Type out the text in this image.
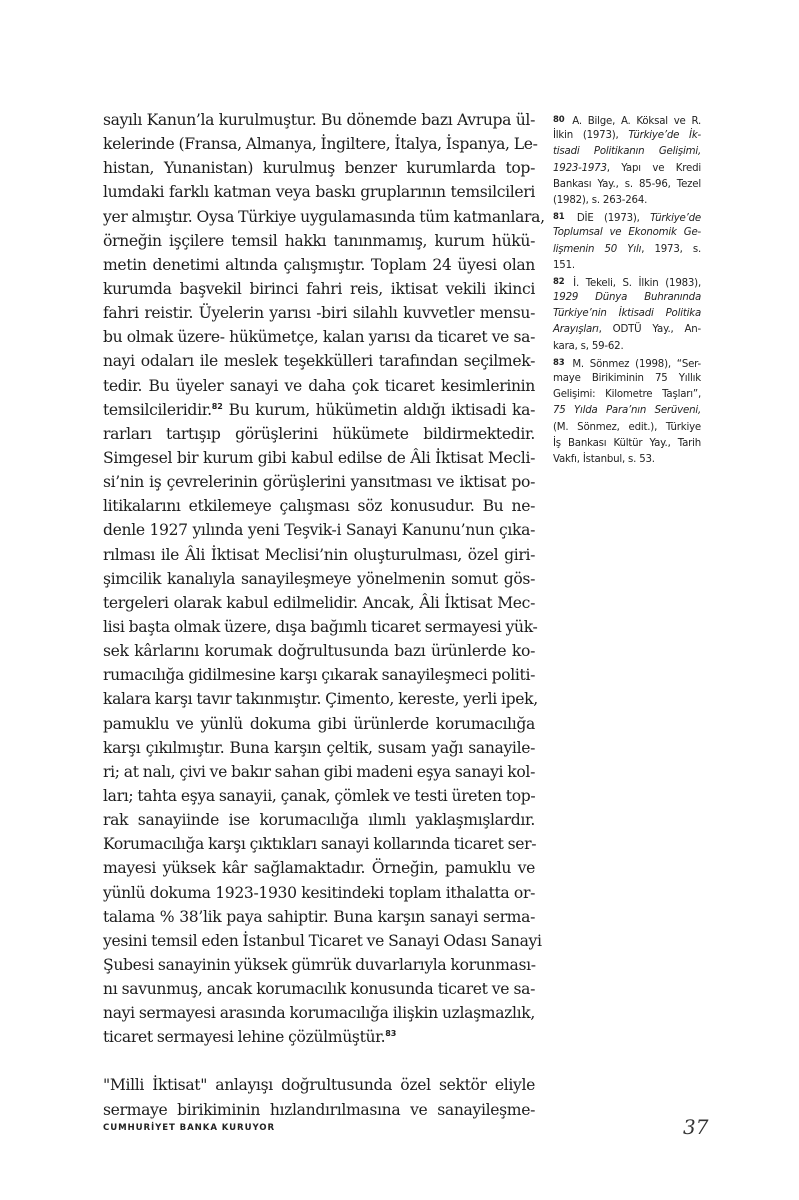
sayılı Kanun’la kurulmuştur. Bu dönemde bazı Avrupa ül-
kelerinde (Fransa, Almanya, İngiltere, İtalya, İspanya, Le-
histan, Yunanistan) kurulmuş benzer kurumlarda top-
lumdaki farklı katman veya baskı gruplarının temsilcileri
yer almıştır. Oysa Türkiye uygulamasında tüm katmanlara,
örneğin işçilere temsil hakkı tanınmamış, kurum hükü-
metin denetimi altında çalışmıştır. Toplam 24 üyesi olan
kurumda başvekil birinci fahri reis, iktisat vekili ikinci
fahri reistir. Üyelerin yarısı -biri silahlı kuvvetler mensu-
bu olmak üzere- hükümetçe, kalan yarısı da ticaret ve sa-
nayi odaları ile meslek teşekkülleri tarafından seçilmek-
tedir. Bu üyeler sanayi ve daha çok ticaret kesimlerinin
temsilcileridir.$^{82}$ Bu kurum, hükümetin aldığı iktisadi ka-
rarları tartışıp görüşlerini hükümete bildirmektedir.
Simgesel bir kurum gibi kabul edilse de Âli İktisat Mecli-
si’nin iş çevrelerinin görüşlerini yansıtması ve iktisat po-
litikalarını etkilemeye çalışması söz konusudur. Bu ne-
denle 1927 yılında yeni Teşvik-i Sanayi Kanunu’nun çıka-
rılması ile Âli İktisat Meclisi’nin oluşturulması, özel giri-
şimcilik kanalıyla sanayileşmeye yönelmenin somut gös-
tergeleri olarak kabul edilmelidir. Ancak, Âli İktisat Mec-
lisi başta olmak üzere, dışa bağımlı ticaret sermayesi yük-
sek kârlarını korumak doğrultusunda bazı ürünlerde ko-
rumacılığa gidilmesine karşı çıkarak sanayileşmeci politi-
kalara karşı tavır takınmıştır. Çimento, kereste, yerli ipek,
pamuklu ve yünlü dokuma gibi ürünlerde korumacılığa
karşı çıkılmıştır. Buna karşın çeltik, susam yağı sanayile-
ri; at nalı, çivi ve bakır sahan gibi madeni eşya sanayi kol-
ları; tahta eşya sanayii, çanak, çömlek ve testi üreten top-
rak sanayiinde ise korumacılığa ılımlı yaklaşmışlardır.
Korumacılığa karşı çıktıkları sanayi kollarında ticaret ser-
mayesi yüksek kâr sağlamaktadır. Örneğin, pamuklu ve
yünlü dokuma 1923-1930 kesitindeki toplam ithalatta or-
talama % 38’lik paya sahiptir. Buna karşın sanayi serma-
yesini temsil eden İstanbul Ticaret ve Sanayi Odası Sanayi
Şubesi sanayinin yüksek gümrük duvarlarıyla korunması-
nı savunmuş, ancak korumacılık konusunda ticaret ve sa-
nayi sermayesi arasında korumacılığa ilişkin uzlaşmazlık,
ticaret sermayesi lehine çözülmüştür.$^{83}$
"Milli İktisat" anlayışı doğrultusunda özel sektör eliyle
sermaye birikiminin hızlandırılmasına ve sanayileşme-
80 A. Bilge, A. Köksal ve R.
İlkin (1973), Türkiye’de İk-
tisadi Politikanın Gelişimi,
1923-1973, Yapı ve Kredi
Bankası Yay., s. 85-96, Tezel
(1982), s. 263-264.
81 DİE (1973), Türkiye’de
Toplumsal ve Ekonomik Ge-
lişmenin 50 Yılı, 1973, s.
151.
82 İ. Tekeli, S. İlkin (1983),
1929 Dünya Buhranında
Türkiye’nin İktisadi Politika
Arayışları, ODTÜ Yay., An-
kara, s, 59-62.
83 M. Sönmez (1998), “Ser-
maye Birikiminin 75 Yıllık
Gelişimi: Kilometre Taşları”,
75 Yılda Para’nın Serüveni,
(M. Sönmez, edit.), Türkiye
İş Bankası Kültür Yay., Tarih
Vakfı, İstanbul, s. 53.
CUMHURİYET BANKA KURUYOR	37
